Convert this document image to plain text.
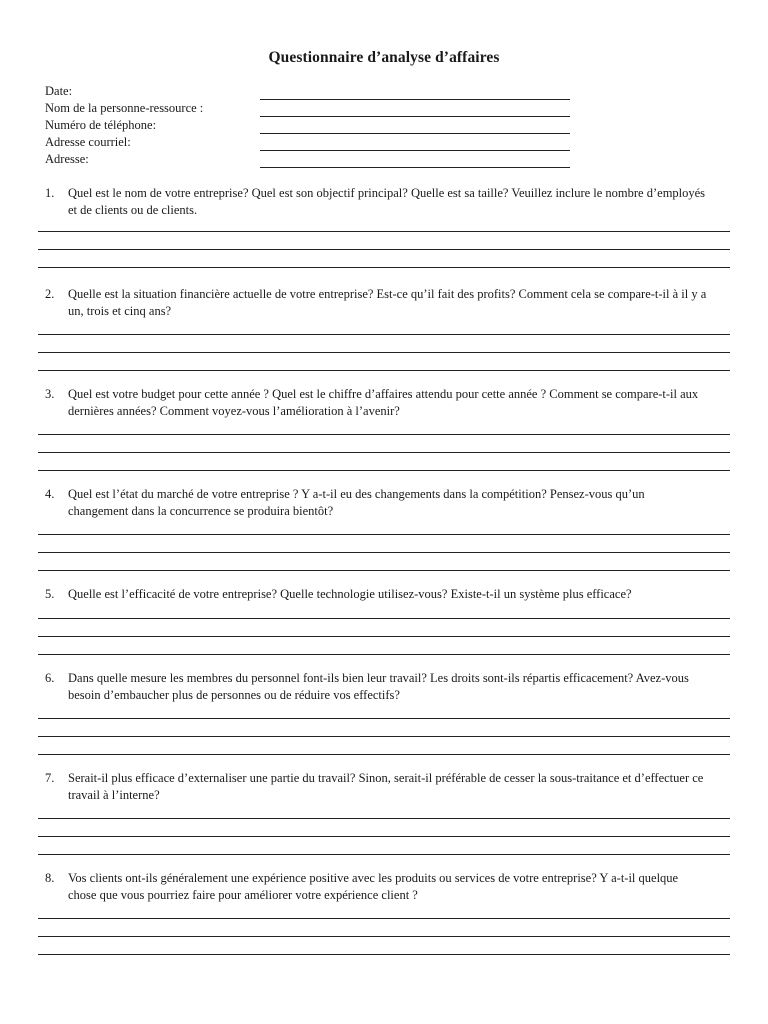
Questionnaire d’analyse d’affaires
Date:
Nom de la personne-ressource :
Numéro de téléphone:
Adresse courriel:
Adresse:
1. Quel est le nom de votre entreprise? Quel est son objectif principal? Quelle est sa taille? Veuillez inclure le nombre d’employés et de clients ou de clients.
2. Quelle est la situation financière actuelle de votre entreprise? Est-ce qu’il fait des profits? Comment cela se compare-t-il à il y a un, trois et cinq ans?
3. Quel est votre budget pour cette année ? Quel est le chiffre d’affaires attendu pour cette année ? Comment se compare-t-il aux dernières années? Comment voyez-vous l’amélioration à l’avenir?
4. Quel est l’état du marché de votre entreprise ? Y a-t-il eu des changements dans la compétition? Pensez-vous qu’un changement dans la concurrence se produira bientôt?
5. Quelle est l’efficacité de votre entreprise? Quelle technologie utilisez-vous? Existe-t-il un système plus efficace?
6. Dans quelle mesure les membres du personnel font-ils bien leur travail? Les droits sont-ils répartis efficacement? Avez-vous besoin d’embaucher plus de personnes ou de réduire vos effectifs?
7. Serait-il plus efficace d’externaliser une partie du travail? Sinon, serait-il préférable de cesser la sous-traitance et d’effectuer ce travail à l’interne?
8. Vos clients ont-ils généralement une expérience positive avec les produits ou services de votre entreprise? Y a-t-il quelque chose que vous pourriez faire pour améliorer votre expérience client ?
